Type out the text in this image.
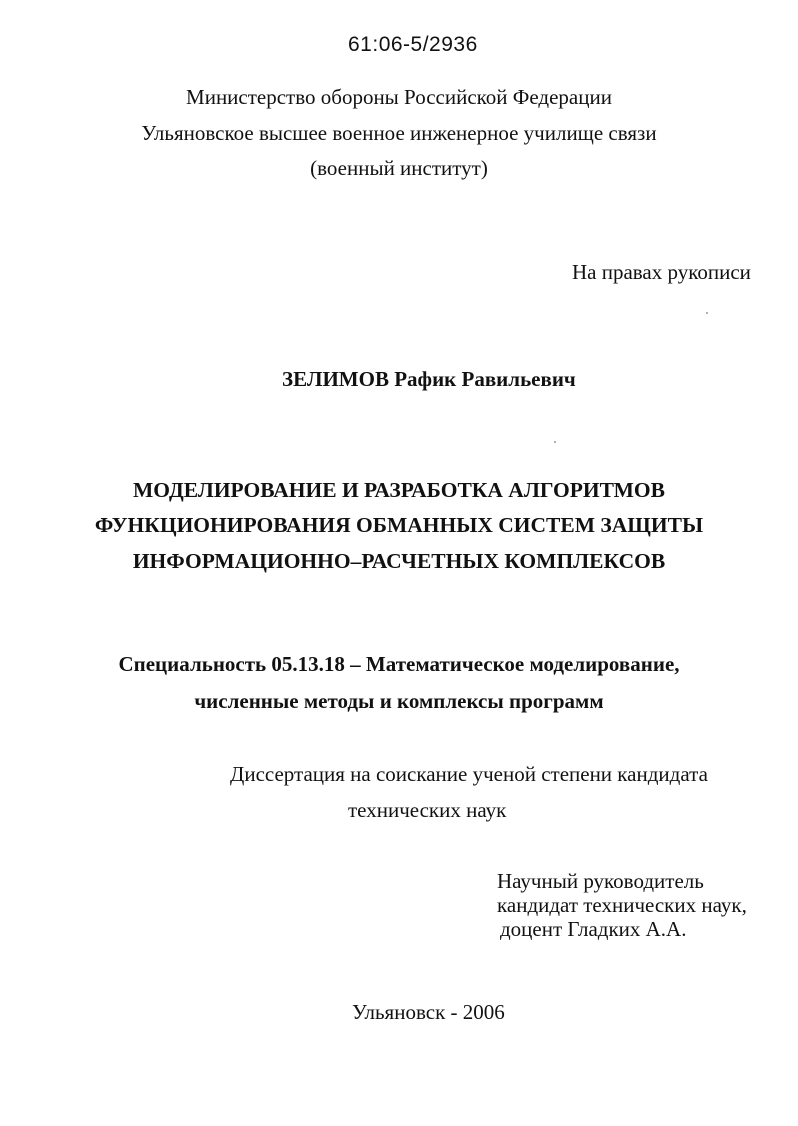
61:06-5/2936
Министерство обороны Российской Федерации
Ульяновское высшее военное инженерное училище связи
(военный институт)
На правах рукописи
ЗЕЛИМОВ Рафик Равильевич
МОДЕЛИРОВАНИЕ И РАЗРАБОТКА АЛГОРИТМОВ
ФУНКЦИОНИРОВАНИЯ ОБМАННЫХ СИСТЕМ ЗАЩИТЫ
ИНФОРМАЦИОННО–РАСЧЕТНЫХ КОМПЛЕКСОВ
Специальность 05.13.18 – Математическое моделирование,
численные методы и комплексы программ
Диссертация на соискание ученой степени кандидата
технических наук
Научный руководитель
кандидат технических наук,
доцент Гладких А.А.
Ульяновск - 2006
